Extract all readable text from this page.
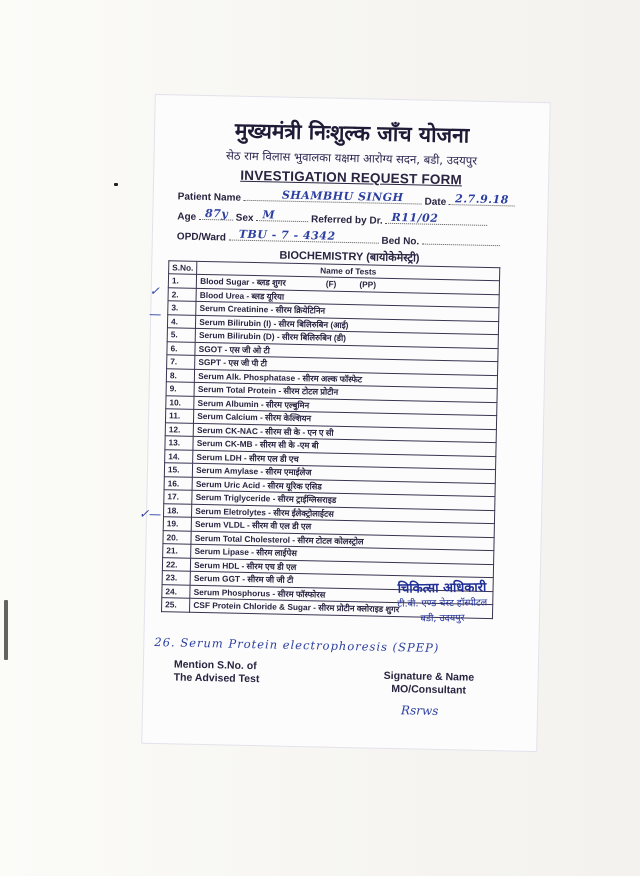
मुख्यमंत्री निःशुल्क जाँच योजना
सेठ राम विलास भुवालका यक्षमा आरोग्य सदन, बडी, उदयपुर
INVESTIGATION REQUEST FORM
Patient Name	SHAMBHU SINGH Date 2.7.9.18
Age 87y Sex M	Referred by Dr. R11/02
OPD/Ward TBU - 7 - 4342	Bed No.
BIOCHEMISTRY (बायोकेमेस्ट्री)
S.No.	Name of Tests
1.	Blood Sugar - ब्लड शुगर (F)          (PP)
2.	Blood Urea - ब्लड यूरिया
3.	Serum Creatinine - सीरम क्रियेटिनिन
4.	Serum Bilirubin (I) - सीरम बिलिरुबिन (आई)
5.	Serum Bilirubin (D) - सीरम बिलिरुबिन (डी)
6.	SGOT - एस जी ओ टी
7.	SGPT - एस जी पी टी
8.	Serum Alk. Phosphatase - सीरम अल्क फॉस्फेट
9.	Serum Total Protein - सीरम टोटल प्रोटीन
10.	Serum Albumin - सीरम एल्बुमिन
11.	Serum Calcium - सीरम केल्शियन
12.	Serum CK-NAC - सीरम सी के - एन ए सी
13.	Serum CK-MB - सीरम सी के -एम बी
14.	Serum LDH - सीरम एल डी एच
15.	Serum Amylase - सीरम एमाईलेज
16.	Serum Uric Acid - सीरम यूरिक एसिड
17.	Serum Triglyceride - सीरम ट्राईग्लिसराइड
18.	Serum Eletrolytes - सीरम ईलेक्ट्रोलाईटस
19.	Serum VLDL - सीरम वी एल डी एल
20.	Serum Total Cholesterol - सीरम टोटल कोलस्ट्रोल
21.	Serum Lipase - सीरम लाईपेस
22.	Serum HDL - सीरम एच डी एल
23.	Serum GGT - सीरम जी जी टी
24.	Serum Phosphorus - सीरम फॉस्फोरस
25.	CSF Protein Chloride & Sugar - सीरम प्रोटीन क्लोराइड शुगर
✓
—
✓—
चिकित्सा अधिकारी
टी.बी. एण्ड चेस्ट हॉस्पीटल
बडी, उदयपुर
26. Serum Protein electrophoresis (SPEP)
Mention S.No. of
The Advised Test	Signature & Name
MO/Consultant
Rsrws
